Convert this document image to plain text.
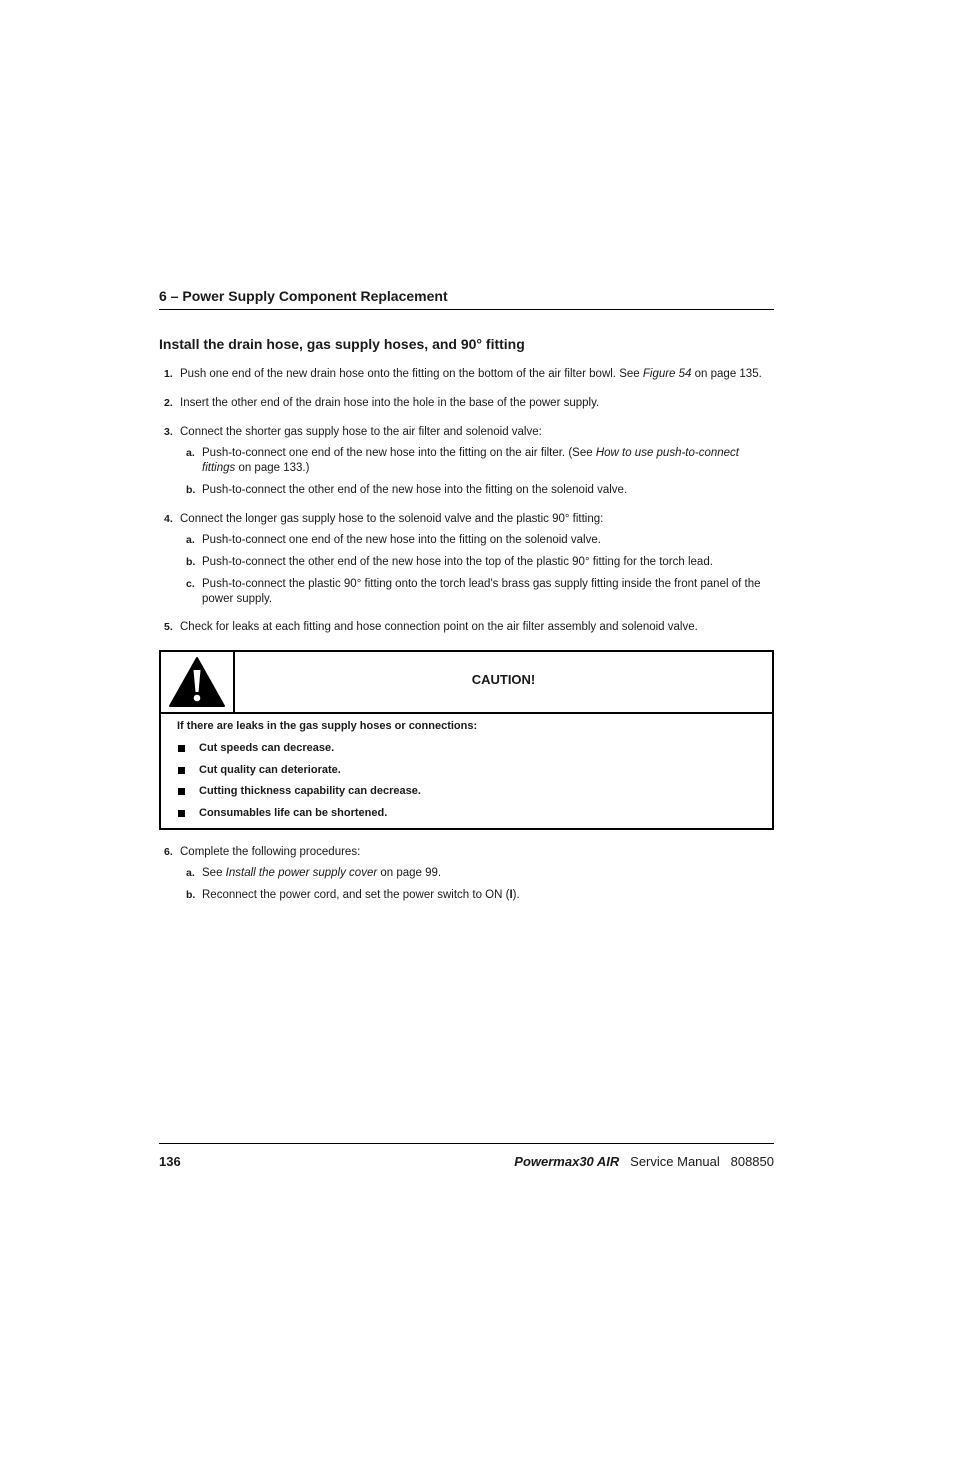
6 – Power Supply Component Replacement
Install the drain hose, gas supply hoses, and 90° fitting
1. Push one end of the new drain hose onto the fitting on the bottom of the air filter bowl. See Figure 54 on page 135.
2. Insert the other end of the drain hose into the hole in the base of the power supply.
3. Connect the shorter gas supply hose to the air filter and solenoid valve:
a. Push-to-connect one end of the new hose into the fitting on the air filter. (See How to use push-to-connect fittings on page 133.)
b. Push-to-connect the other end of the new hose into the fitting on the solenoid valve.
4. Connect the longer gas supply hose to the solenoid valve and the plastic 90° fitting:
a. Push-to-connect one end of the new hose into the fitting on the solenoid valve.
b. Push-to-connect the other end of the new hose into the top of the plastic 90° fitting for the torch lead.
c. Push-to-connect the plastic 90° fitting onto the torch lead's brass gas supply fitting inside the front panel of the power supply.
5. Check for leaks at each fitting and hose connection point on the air filter assembly and solenoid valve.
CAUTION!
If there are leaks in the gas supply hoses or connections:
Cut speeds can decrease.
Cut quality can deteriorate.
Cutting thickness capability can decrease.
Consumables life can be shortened.
6. Complete the following procedures:
a. See Install the power supply cover on page 99.
b. Reconnect the power cord, and set the power switch to ON (I).
136	Powermax30 AIR Service Manual 808850
